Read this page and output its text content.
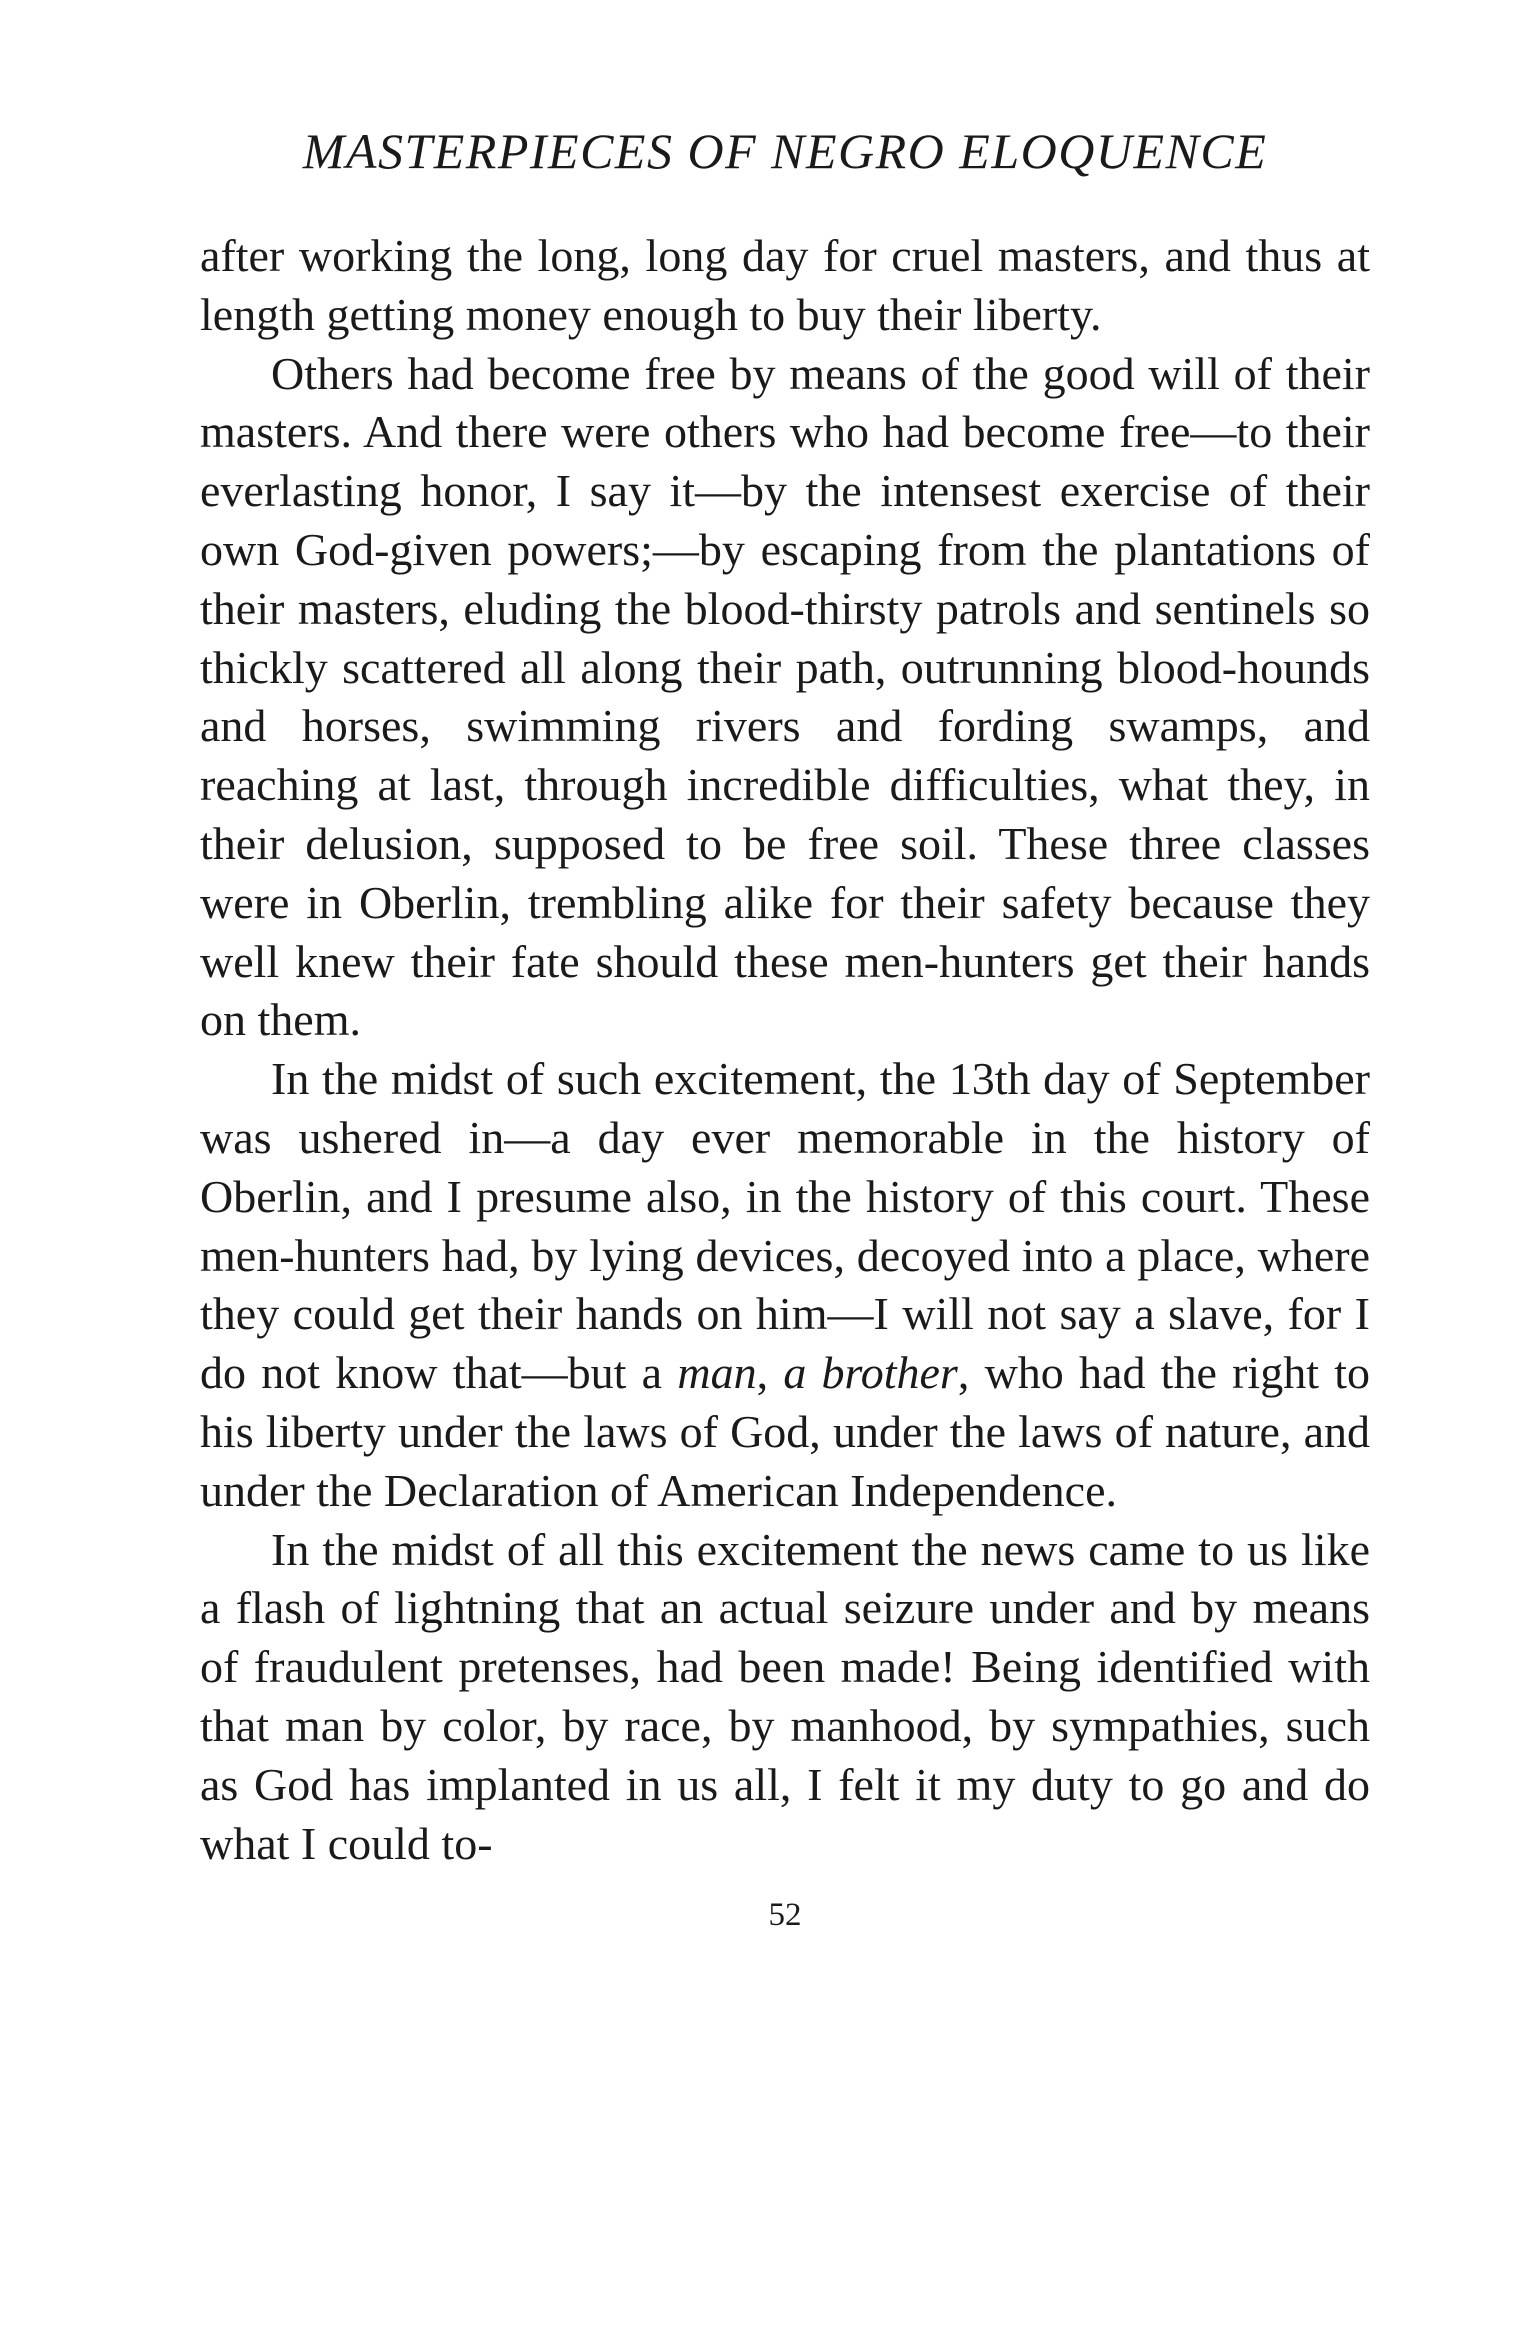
MASTERPIECES OF NEGRO ELOQUENCE

after working the long, long day for cruel masters, and thus at length getting money enough to buy their liberty.

Others had become free by means of the good will of their masters. And there were others who had become free—to their everlasting honor, I say it—by the intensest exercise of their own God-given powers;—by escaping from the plantations of their masters, eluding the blood-thirsty patrols and sentinels so thickly scattered all along their path, outrunning blood-hounds and horses, swimming rivers and fording swamps, and reaching at last, through incredible difficulties, what they, in their delusion, supposed to be free soil. These three classes were in Oberlin, trembling alike for their safety because they well knew their fate should these men-hunters get their hands on them.

In the midst of such excitement, the 13th day of September was ushered in—a day ever memorable in the history of Oberlin, and I presume also, in the history of this court. These men-hunters had, by lying devices, decoyed into a place, where they could get their hands on him—I will not say a slave, for I do not know that—but a man, a brother, who had the right to his liberty under the laws of God, under the laws of nature, and under the Declaration of American Independence.

In the midst of all this excitement the news came to us like a flash of lightning that an actual seizure under and by means of fraudulent pretenses, had been made! Being identified with that man by color, by race, by manhood, by sympathies, such as God has implanted in us all, I felt it my duty to go and do what I could to-

52
